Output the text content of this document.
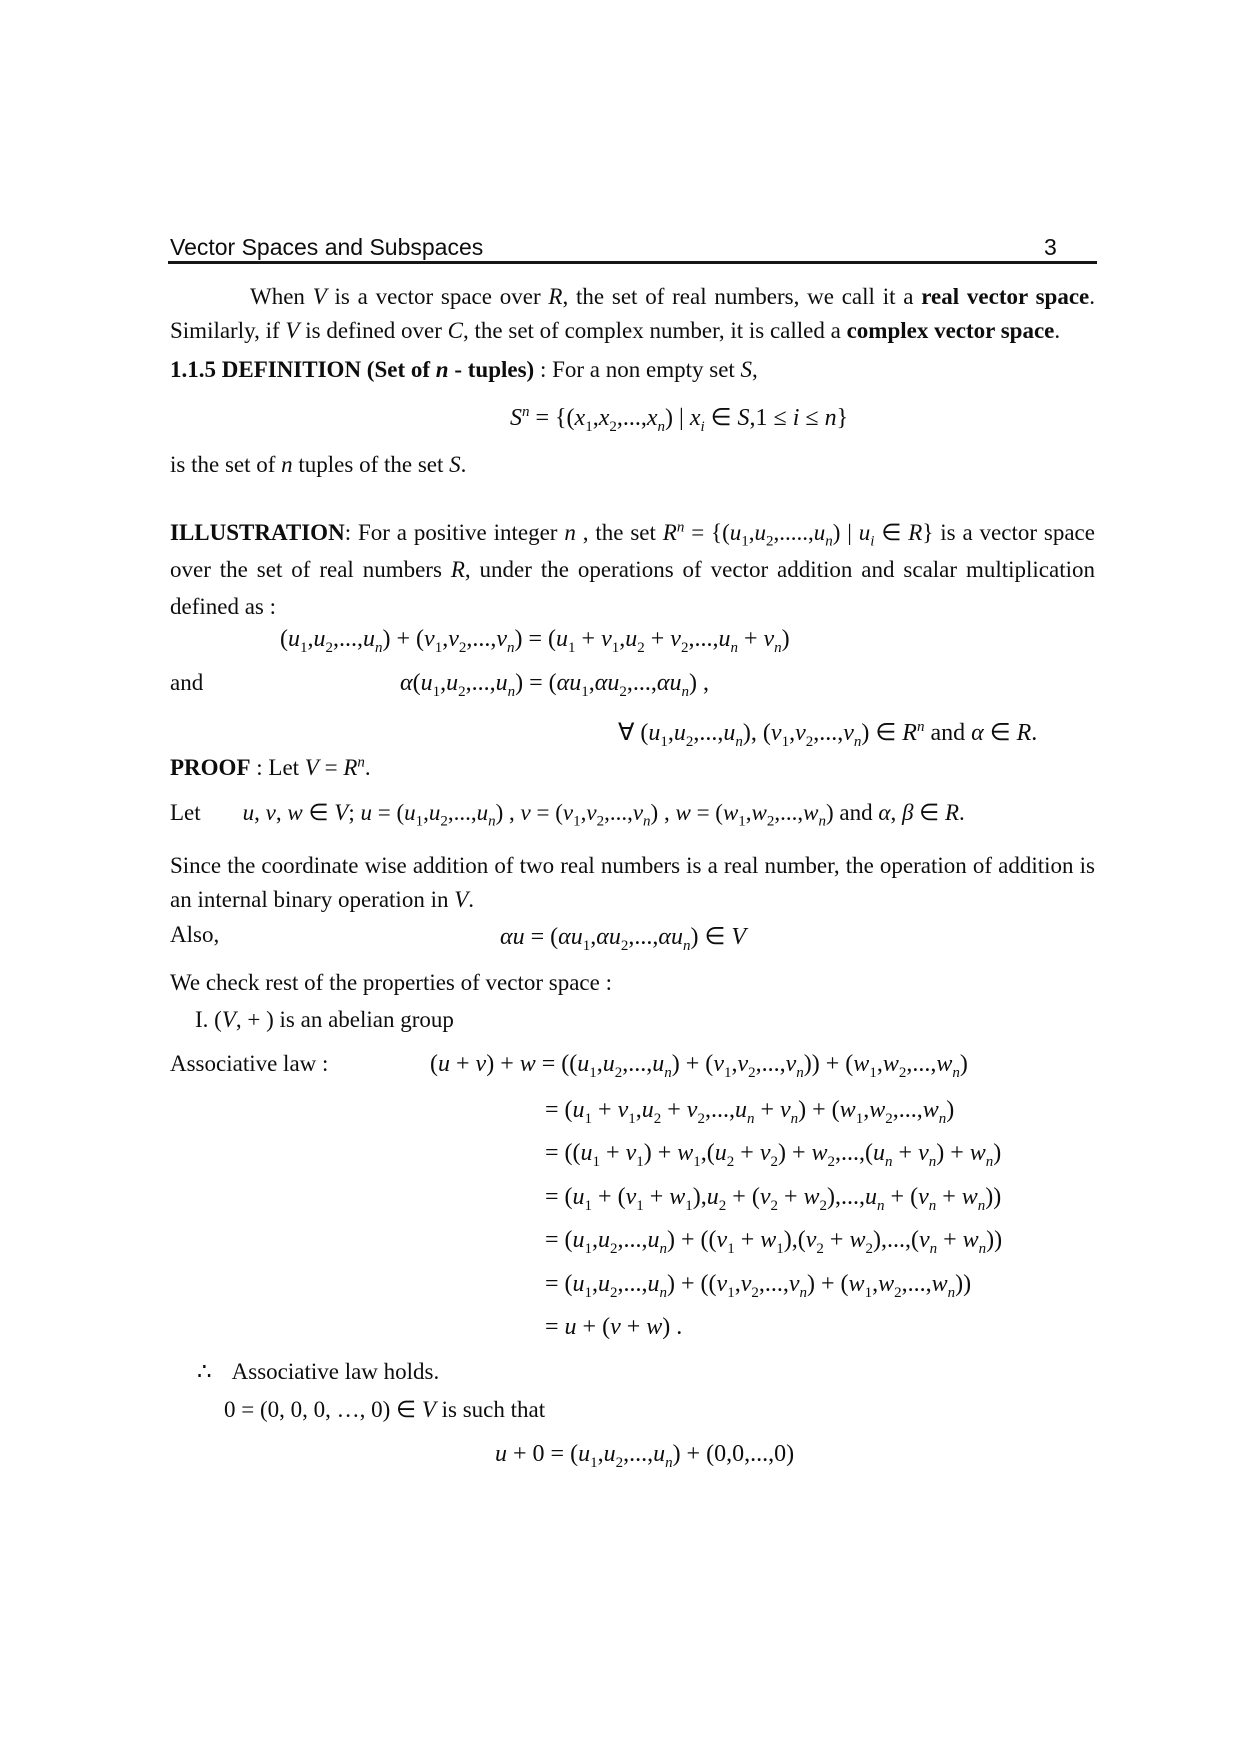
Vector Spaces and Subspaces	3
When V is a vector space over R, the set of real numbers, we call it a real vector space. Similarly, if V is defined over C, the set of complex number, it is called a complex vector space.
1.1.5 DEFINITION (Set of n - tuples) : For a non empty set S,
$S^n = \{(x_1,x_2,...,x_n)$ | $x_i$ ∈ S,1 ≤ i ≤ n}
is the set of n tuples of the set S.
ILLUSTRATION: For a positive integer n , the set $R^n = \{(u_1,u_2,.....,u_n)$ | $u_i$ ∈ R} is a vector space over the set of real numbers R, under the operations of vector addition and scalar multiplication defined as :
$(u_1,u_2,...,u_n) + (v_1,v_2,...,v_n) = (u_1 + v_1,u_2 + v_2,...,u_n + v_n)$
and	$\alpha(u_1,u_2,...,u_n) = (\alpha u_1,\alpha u_2,...,\alpha u_n)$ ,
∀ $(u_1,u_2,...,u_n)$, $(v_1,v_2,...,v_n)$ ∈ $R^n$ and α ∈ R.
PROOF : Let $V = R^n$.
Let u, v, w ∈ V; $u = (u_1,u_2,...,u_n)$ , $v = (v_1,v_2,...,v_n)$ , $w = (w_1,w_2,...,w_n)$ and α, β ∈ R.
Since the coordinate wise addition of two real numbers is a real number, the operation of addition is an internal binary operation in V.
Also,	$\alpha u = (\alpha u_1,\alpha u_2,...,\alpha u_n)$ ∈ V
We check rest of the properties of vector space :
I. (V, + ) is an abelian group
Associative law :	$(u + v) + w = ((u_1,u_2,...,u_n) + (v_1,v_2,...,v_n)) + (w_1,w_2,...,w_n)$
= $(u_1 + v_1,u_2 + v_2,...,u_n + v_n) + (w_1,w_2,...,w_n)$
= $((u_1 + v_1) + w_1,(u_2 + v_2) + w_2,...,(u_n + v_n) + w_n)$
= $(u_1 + (v_1 + w_1),u_2 + (v_2 + w_2),...,u_n + (v_n + w_n))$
= $(u_1,u_2,...,u_n) + ((v_1 + w_1),(v_2 + w_2),...,(v_n + w_n))$
= $(u_1,u_2,...,u_n) + ((v_1,v_2,...,v_n) + (w_1,w_2,...,w_n))$
= u + (v + w) .
∴ Associative law holds.
0 = (0, 0, 0, …, 0) ∈ V is such that
$u + 0 = (u_1,u_2,...,u_n) + (0,0,...,0)$
